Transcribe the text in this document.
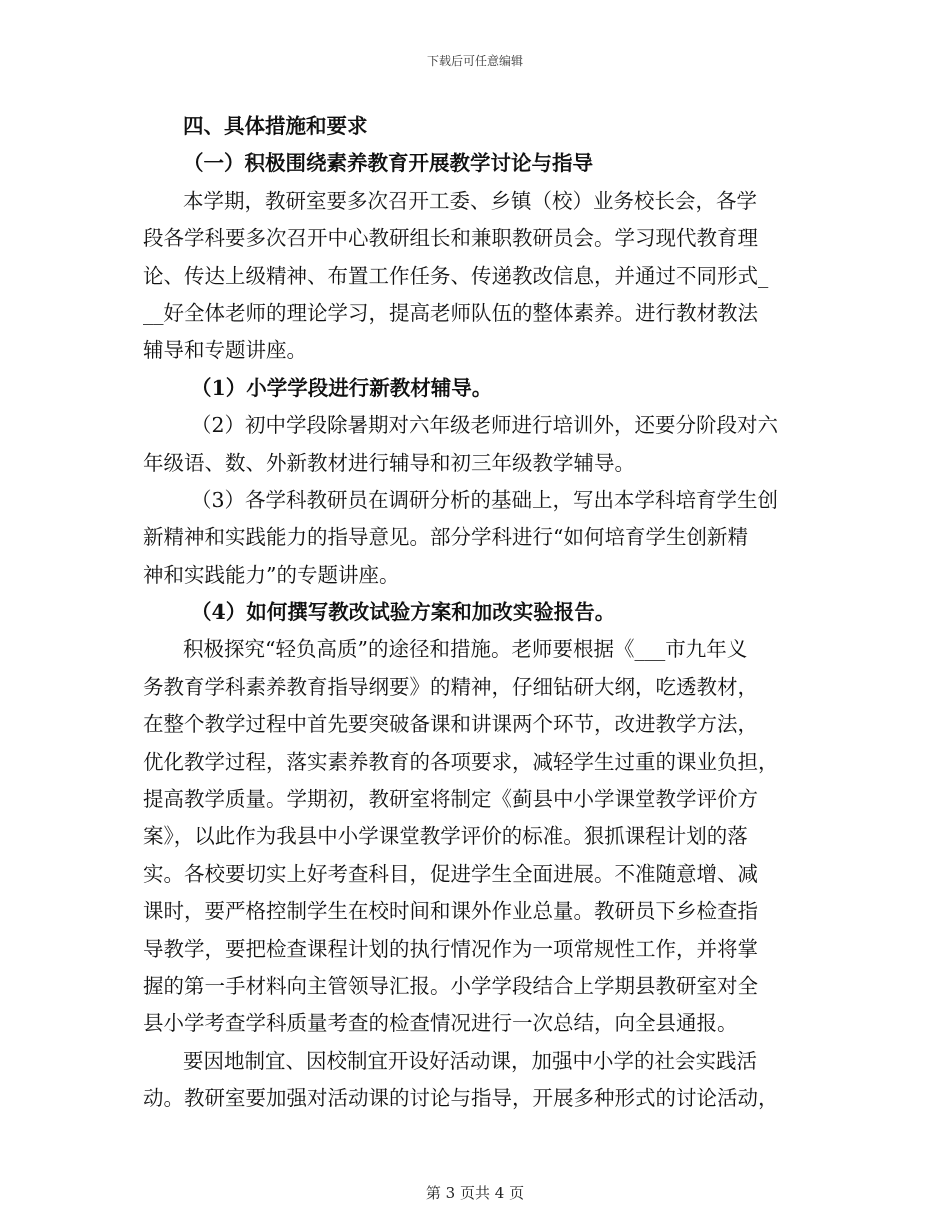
下载后可任意编辑
四、具体措施和要求
（一）积极围绕素养教育开展教学讨论与指导
本学期，教研室要多次召开工委、乡镇（校）业务校长会，各学
段各学科要多次召开中心教研组长和兼职教研员会。学习现代教育理
论、传达上级精神、布置工作任务、传递教改信息，并通过不同形式_
__好全体老师的理论学习，提高老师队伍的整体素养。进行教材教法
辅导和专题讲座。
（1）小学学段进行新教材辅导。
（2）初中学段除暑期对六年级老师进行培训外，还要分阶段对六
年级语、数、外新教材进行辅导和初三年级教学辅导。
（3）各学科教研员在调研分析的基础上，写出本学科培育学生创
新精神和实践能力的指导意见。部分学科进行“如何培育学生创新精
神和实践能力”的专题讲座。
（4）如何撰写教改试验方案和加改实验报告。
积极探究“轻负高质”的途径和措施。老师要根据《___市九年义
务教育学科素养教育指导纲要》的精神，仔细钻研大纲，吃透教材，
在整个教学过程中首先要突破备课和讲课两个环节，改进教学方法，
优化教学过程，落实素养教育的各项要求，减轻学生过重的课业负担，
提高教学质量。学期初，教研室将制定《蓟县中小学课堂教学评价方
案》，以此作为我县中小学课堂教学评价的标准。狠抓课程计划的落
实。各校要切实上好考查科目，促进学生全面进展。不准随意增、减
课时，要严格控制学生在校时间和课外作业总量。教研员下乡检查指
导教学，要把检查课程计划的执行情况作为一项常规性工作，并将掌
握的第一手材料向主管领导汇报。小学学段结合上学期县教研室对全
县小学考查学科质量考查的检查情况进行一次总结，向全县通报。
要因地制宜、因校制宜开设好活动课，加强中小学的社会实践活
动。教研室要加强对活动课的讨论与指导，开展多种形式的讨论活动，
第 3 页共 4 页
